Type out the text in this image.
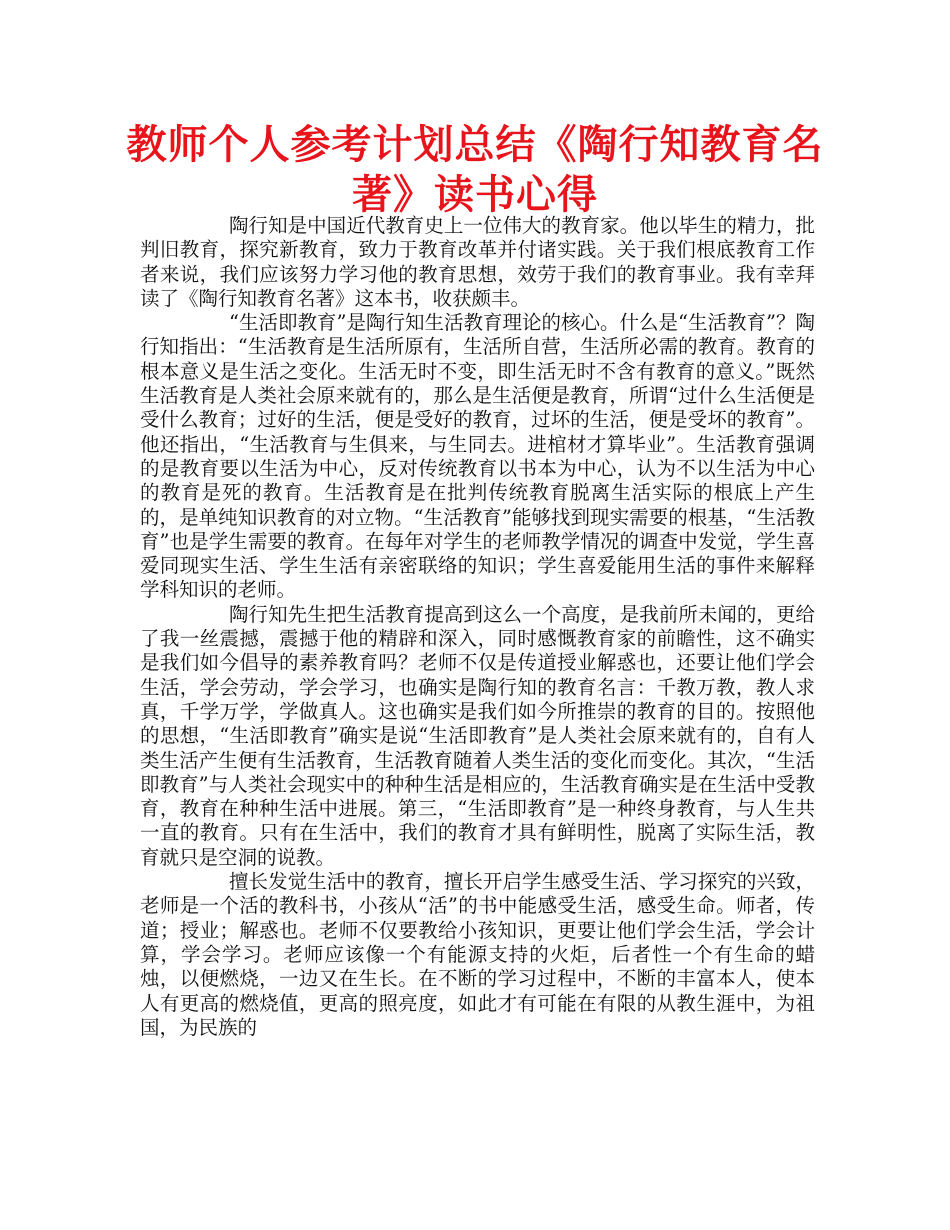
教师个人参考计划总结《陶行知教育名著》读书心得

陶行知是中国近代教育史上一位伟大的教育家。他以毕生的精力，批判旧教育，探究新教育，致力于教育改革并付诸实践。关于我们根底教育工作者来说，我们应该努力学习他的教育思想，效劳于我们的教育事业。我有幸拜读了《陶行知教育名著》这本书，收获颇丰。

“生活即教育”是陶行知生活教育理论的核心。什么是“生活教育”？陶行知指出：“生活教育是生活所原有，生活所自营，生活所必需的教育。教育的根本意义是生活之变化。生活无时不变，即生活无时不含有教育的意义。”既然生活教育是人类社会原来就有的，那么是生活便是教育，所谓“过什么生活便是受什么教育；过好的生活，便是受好的教育，过坏的生活，便是受坏的教育”。他还指出，“生活教育与生俱来，与生同去。进棺材才算毕业”。生活教育强调的是教育要以生活为中心，反对传统教育以书本为中心，认为不以生活为中心的教育是死的教育。生活教育是在批判传统教育脱离生活实际的根底上产生的，是单纯知识教育的对立物。“生活教育”能够找到现实需要的根基，“生活教育”也是学生需要的教育。在每年对学生的老师教学情况的调查中发觉，学生喜爱同现实生活、学生生活有亲密联络的知识；学生喜爱能用生活的事件来解释学科知识的老师。

陶行知先生把生活教育提高到这么一个高度，是我前所未闻的，更给了我一丝震撼，震撼于他的精辟和深入，同时感慨教育家的前瞻性，这不确实是我们如今倡导的素养教育吗？老师不仅是传道授业解惑也，还要让他们学会生活，学会劳动，学会学习，也确实是陶行知的教育名言：千教万教，教人求真，千学万学，学做真人。这也确实是我们如今所推崇的教育的目的。按照他的思想，“生活即教育”确实是说“生活即教育”是人类社会原来就有的，自有人类生活产生便有生活教育，生活教育随着人类生活的变化而变化。其次，“生活即教育”与人类社会现实中的种种生活是相应的，生活教育确实是在生活中受教育，教育在种种生活中进展。第三，“生活即教育”是一种终身教育，与人生共一直的教育。只有在生活中，我们的教育才具有鲜明性，脱离了实际生活，教育就只是空洞的说教。

擅长发觉生活中的教育，擅长开启学生感受生活、学习探究的兴致，老师是一个活的教科书，小孩从“活”的书中能感受生活，感受生命。师者，传道；授业；解惑也。老师不仅要教给小孩知识，更要让他们学会生活，学会计算，学会学习。老师应该像一个有能源支持的火炬，后者性一个有生命的蜡烛，以便燃烧，一边又在生长。在不断的学习过程中，不断的丰富本人，使本人有更高的燃烧值，更高的照亮度，如此才有可能在有限的从教生涯中，为祖国，为民族的
